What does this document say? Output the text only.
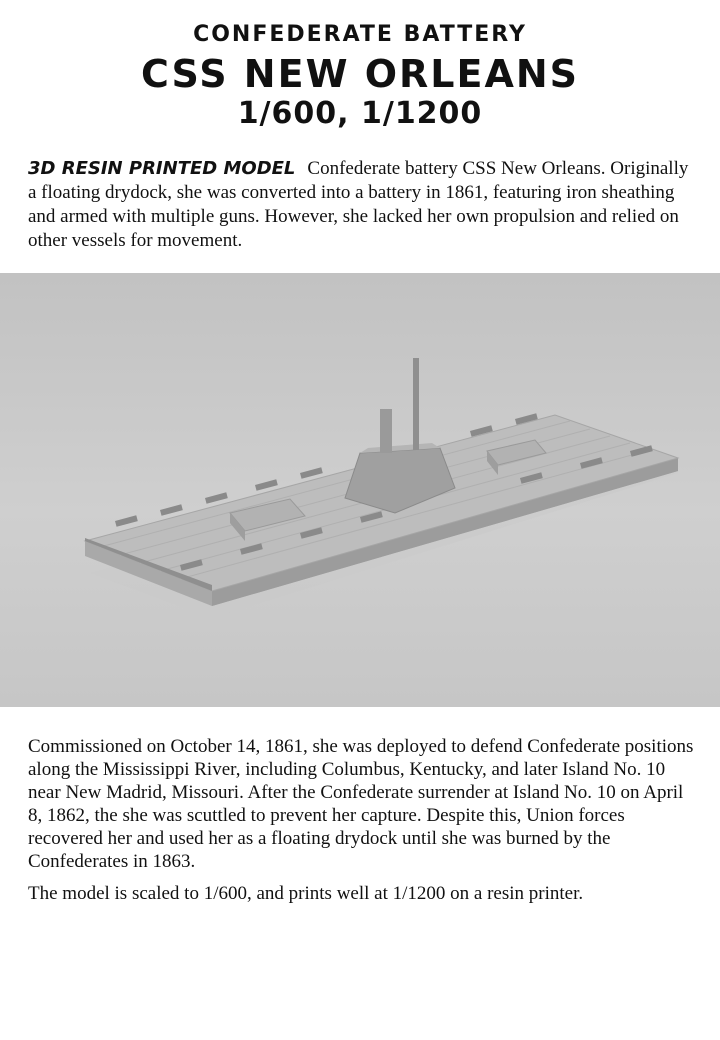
CONFEDERATE BATTERY
CSS NEW ORLEANS
1/600, 1/1200
3D RESIN PRINTED MODEL Confederate battery CSS New Orleans. Originally a floating drydock, she was converted into a battery in 1861, featuring iron sheathing and armed with multiple guns. However, she lacked her own propulsion and relied on other vessels for movement.
Commissioned on October 14, 1861, she was deployed to defend Confederate positions along the Mississippi River, including Columbus, Kentucky, and later Island No. 10 near New Madrid, Missouri. After the Confederate surrender at Island No. 10 on April 8, 1862, the she was scuttled to prevent her capture. Despite this, Union forces recovered her and used her as a floating drydock until she was burned by the Confederates in 1863.
The model is scaled to 1/600, and prints well at 1/1200 on a resin printer.
